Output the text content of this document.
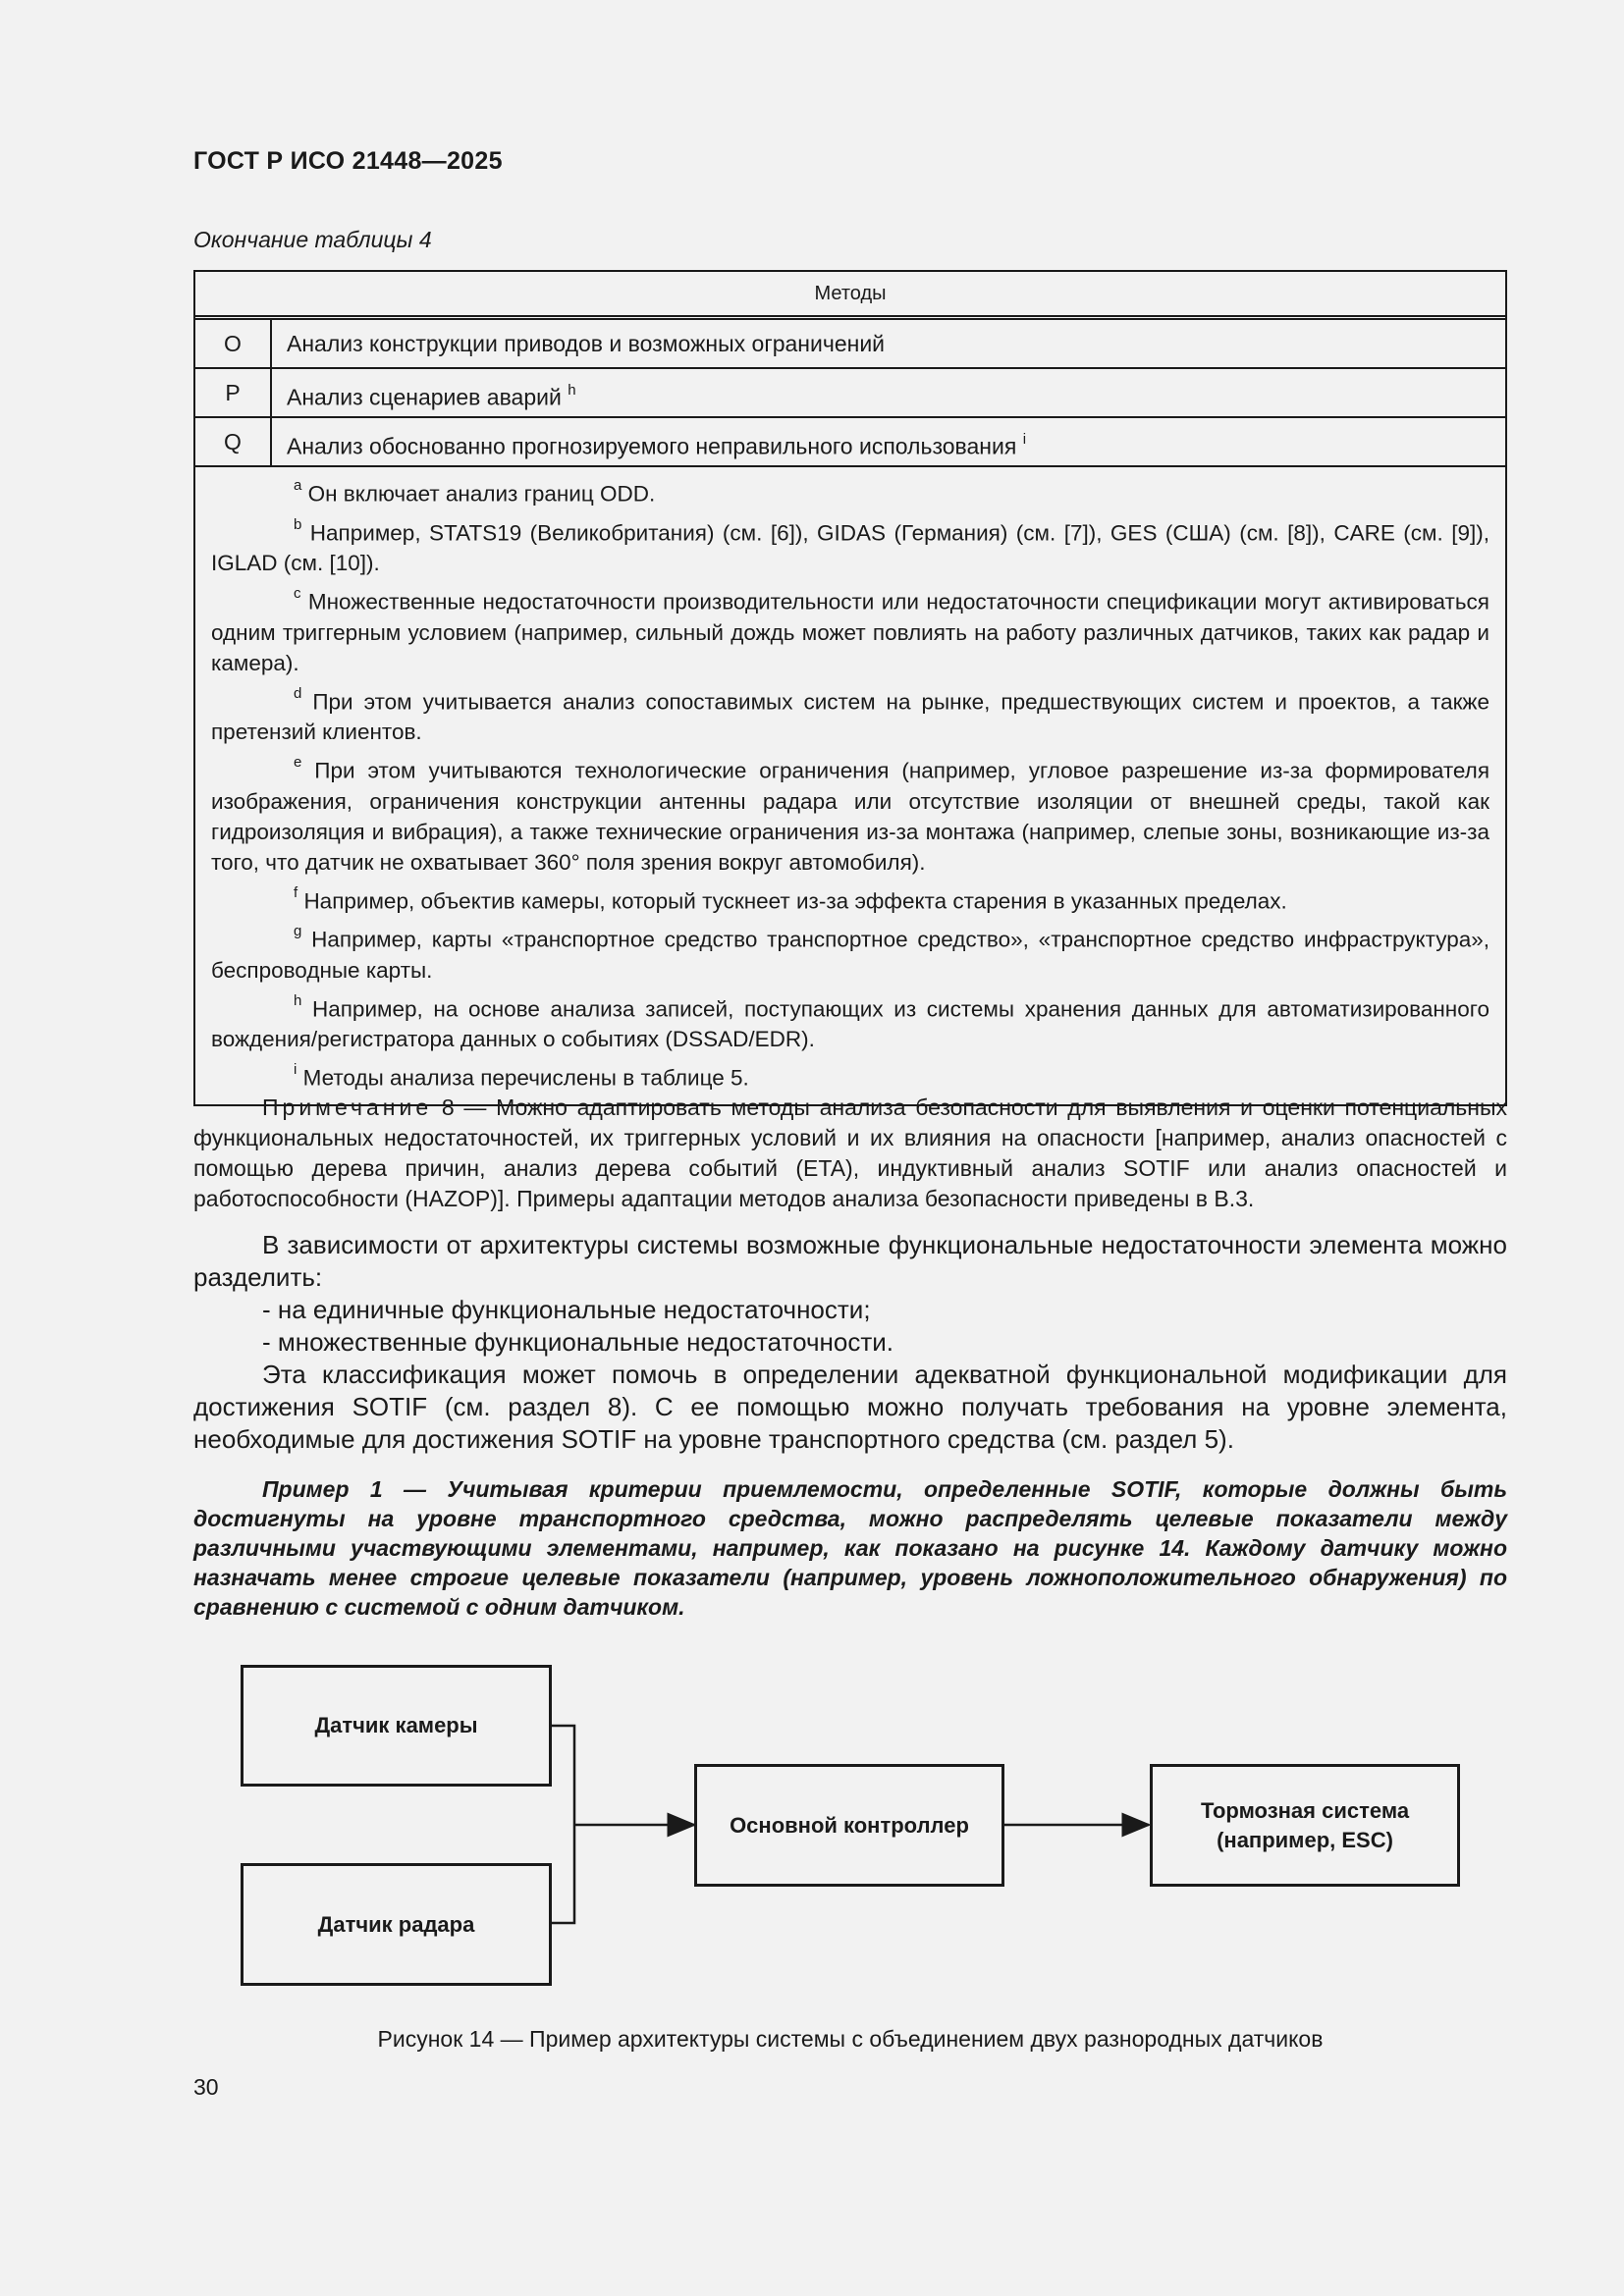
ГОСТ Р ИСО 21448—2025
Окончание таблицы 4
Методы
O	Анализ конструкции приводов и возможных ограничений
P	Анализ сценариев аварий $^h$
Q	Анализ обоснованно прогнозируемого неправильного использования $^i$
$^a$ Он включает анализ границ ODD.
$^b$ Например, STATS19 (Великобритания) (см. [6]), GIDAS (Германия) (см. [7]), GES (США) (см. [8]), CARE (см. [9]), IGLAD (см. [10]).
$^c$ Множественные недостаточности производительности или недостаточности спецификации могут активироваться одним триггерным условием (например, сильный дождь может повлиять на работу различных датчиков, таких как радар и камера).
$^d$ При этом учитывается анализ сопоставимых систем на рынке, предшествующих систем и проектов, а также претензий клиентов.
$^e$ При этом учитываются технологические ограничения (например, угловое разрешение из-за формирователя изображения, ограничения конструкции антенны радара или отсутствие изоляции от внешней среды, такой как гидроизоляция и вибрация), а также технические ограничения из-за монтажа (например, слепые зоны, возникающие из-за того, что датчик не охватывает 360° поля зрения вокруг автомобиля).
$^f$ Например, объектив камеры, который тускнеет из-за эффекта старения в указанных пределах.
$^g$ Например, карты «транспортное средство транспортное средство», «транспортное средство инфраструктура», беспроводные карты.
$^h$ Например, на основе анализа записей, поступающих из системы хранения данных для автоматизированного вождения/регистратора данных о событиях (DSSAD/EDR).
$^i$ Методы анализа перечислены в таблице 5.
Примечание 8 — Можно адаптировать методы анализа безопасности для выявления и оценки потенциальных функциональных недостаточностей, их триггерных условий и их влияния на опасности [например, анализ опасностей с помощью дерева причин, анализ дерева событий (ETA), индуктивный анализ SOTIF или анализ опасностей и работоспособности (HAZOP)]. Примеры адаптации методов анализа безопасности приведены в В.3.

В зависимости от архитектуры системы возможные функциональные недостаточности элемента можно разделить:

- на единичные функциональные недостаточности;

- множественные функциональные недостаточности.

Эта классификация может помочь в определении адекватной функциональной модификации для достижения SOTIF (см. раздел 8). С ее помощью можно получать требования на уровне элемента, необходимые для достижения SOTIF на уровне транспортного средства (см. раздел 5).

Пример 1 — Учитывая критерии приемлемости, определенные SOTIF, которые должны быть достигнуты на уровне транспортного средства, можно распределять целевые показатели между различными участвующими элементами, например, как показано на рисунке 14. Каждому датчику можно назначать менее строгие целевые показатели (например, уровень ложноположительного обнаружения) по сравнению с системой с одним датчиком.
Датчик камеры
Датчик радара
Основной контроллер
Тормозная система
(например, ESC)
Рисунок 14 — Пример архитектуры системы с объединением двух разнородных датчиков
30
